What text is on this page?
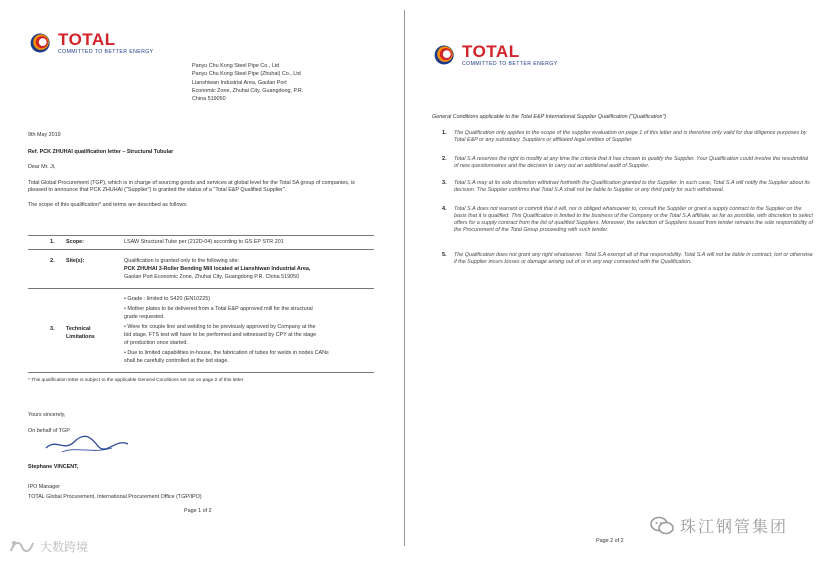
TOTAL
COMMITTED TO BETTER ENERGY
Panyu Chu Kong Steel Pipe Co., Ltd
Panyu Chu Kong Steel Pipe (Zhuhai) Co., Ltd
Lianshiwan Industrial Area, Gaolan Port
Economic Zone, Zhuhai City, Guangdong, P.R.
China 519050
9th May 2019
Ref. PCK ZHUHAI qualification letter – Structural Tubular
Dear Mr. Ji,
Total Global Procurement (TGP), which is in charge of sourcing goods and services at global level for the Total SA group of companies, is pleased to announce that PCK ZHUHAI ("Supplier") is granted the status of a "Total E&P Qualified Supplier".
The scope of this qualification* and terms are described as follows:
1. Scope:	LSAW Structural Tube per (212D-04) according to GS EP STR 201
2. Site(s):	Qualification is granted only to the following site:
PCK ZHUHAI 3-Roller Bending Mill located at Lianshiwan Industrial Area,
Gaolan Port Economic Zone, Zhuhai City, Guangdong P.R. China 519050
• Grade : limited to S420 (EN10225)
• Mother plates to be delivered from a Total E&P approved mill for the structural
grade requested.
• Were for couple line and welding to be previously approved by Company at the
bid stage. FTS test will have to be performed and witnessed by CPY at the stage
of production once started.
• Due to limited capabilities in-house, the fabrication of tubes for welds in nodes CANs
shall be carefully controlled at the bid stage.
3. Technical
Limitations
* This qualification letter is subject to the applicable General Conditions set out on page 2 of this letter
Yours sincerely,
On behalf of TGP
Stephane VINCENT,
IPO Manager
TOTAL Global Procurement, International Procurement Office (TGP/IPO)
Page 1 of 2
TOTAL
COMMITTED TO BETTER ENERGY
General Conditions applicable to the Total E&P International Supplier Qualification ("Qualification")
1. The Qualification only applies to the scope of the supplier evaluation on page 1 of this letter and is therefore only valid for due diligence purposes by Total E&P or any subsidiary. Suppliers or affiliated legal entities of Supplier.
2. Total S.A reserves the right to modify at any time the criteria that it has chosen to qualify the Supplier. Your Qualification could involve the resubmittal of new questionnaires and the decision to carry out an additional audit of Supplier.
3. Total S.A may at its sole discretion withdraw forthwith the Qualification granted to the Supplier. In such case, Total S.A will notify the Supplier about its decision. The Supplier confirms that Total S.A shall not be liable to Supplier or any third party for such withdrawal.
4. Total S.A does not warrant or commit that it will, nor is obliged whatsoever to, consult the Supplier or grant a supply contract to the Supplier on the basis that it is qualified. This Qualification is limited to the business of the Company or the Total S.A affiliate, as far as possible, with discretion to select offers for a supply contract from the list of qualified Suppliers. Moreover, the selection of Suppliers issued from tender remains the sole responsibility of the Procurement of the Total Group proceeding with such tender.
5. The Qualification does not grant any right whatsoever. Total S.A exempt all of that responsibility. Total S.A will not be liable in contract, tort or otherwise if the Supplier incurs losses or damage arising out of or in any way connected with the Qualification.
Page 2 of 2
大数跨境
珠江钢管集团
